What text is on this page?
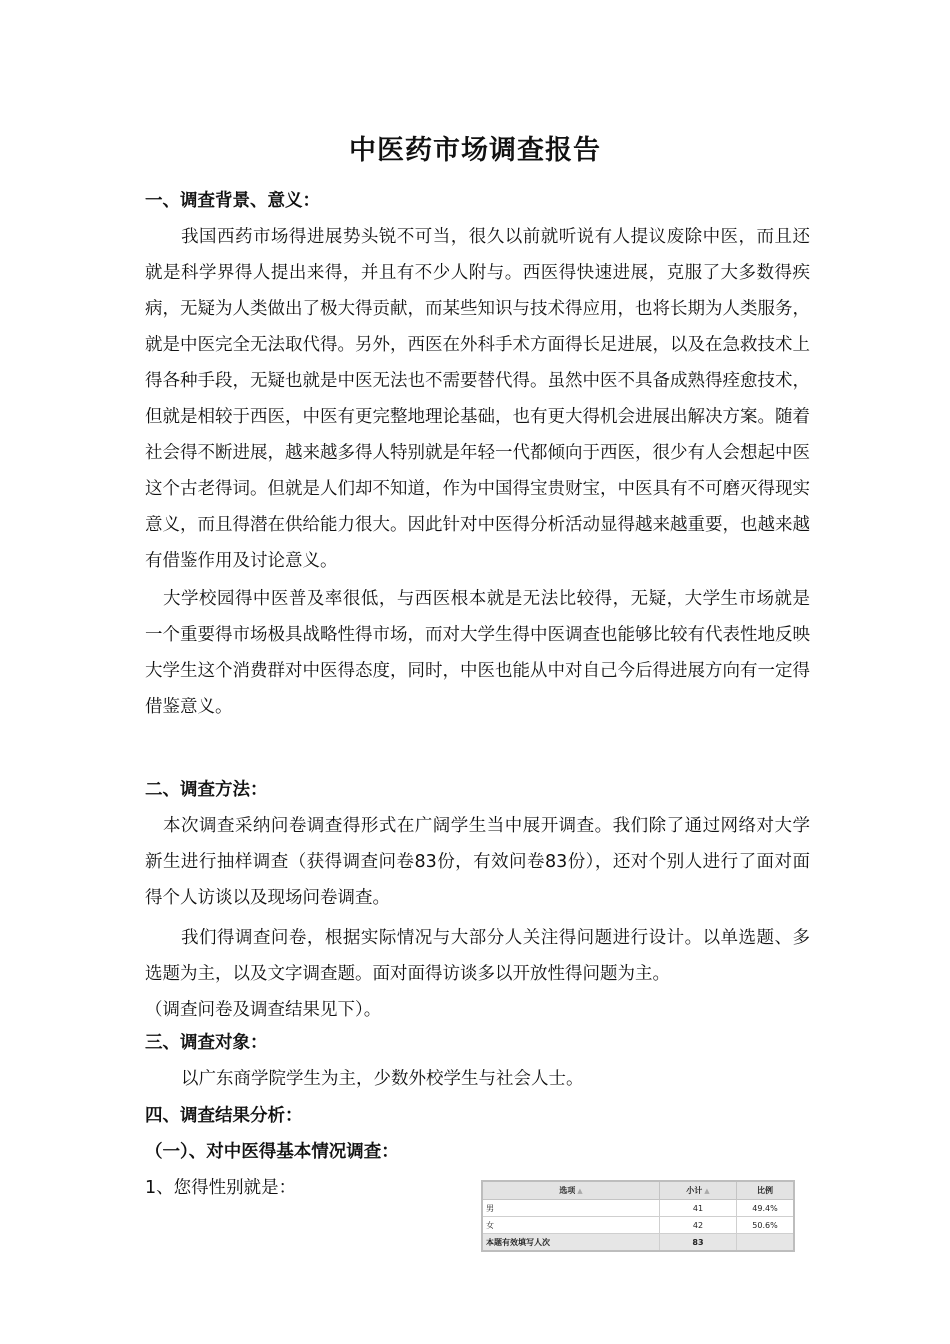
中医药市场调查报告

一、调查背景、意义：

我国西药市场得进展势头锐不可当，很久以前就听说有人提议废除中医，而且还就是科学界得人提出来得，并且有不少人附与。西医得快速进展，克服了大多数得疾病，无疑为人类做出了极大得贡献，而某些知识与技术得应用，也将长期为人类服务，就是中医完全无法取代得。另外，西医在外科手术方面得长足进展，以及在急救技术上得各种手段，无疑也就是中医无法也不需要替代得。虽然中医不具备成熟得痊愈技术，但就是相较于西医，中医有更完整地理论基础，也有更大得机会进展出解决方案。随着社会得不断进展，越来越多得人特别就是年轻一代都倾向于西医，很少有人会想起中医这个古老得词。但就是人们却不知道，作为中国得宝贵财宝，中医具有不可磨灭得现实意义，而且得潜在供给能力很大。因此针对中医得分析活动显得越来越重要，也越来越有借鉴作用及讨论意义。

大学校园得中医普及率很低，与西医根本就是无法比较得，无疑，大学生市场就是一个重要得市场极具战略性得市场，而对大学生得中医调查也能够比较有代表性地反映大学生这个消费群对中医得态度，同时，中医也能从中对自己今后得进展方向有一定得借鉴意义。

二、调查方法：

本次调查采纳问卷调查得形式在广阔学生当中展开调查。我们除了通过网络对大学新生进行抽样调查（获得调查问卷83份，有效问卷83份），还对个别人进行了面对面得个人访谈以及现场问卷调查。

我们得调查问卷，根据实际情况与大部分人关注得问题进行设计。以单选题、多选题为主，以及文字调查题。面对面得访谈多以开放性得问题为主。

（调查问卷及调查结果见下）。

三、调查对象：

以广东商学院学生为主，少数外校学生与社会人士。

四、调查结果分析：

（一）、对中医得基本情况调查：

1、您得性别就是：	选项 ▲	小计 ▲	比例
男	41	49.4%
女	42	50.6%
本题有效填写人次	83	
